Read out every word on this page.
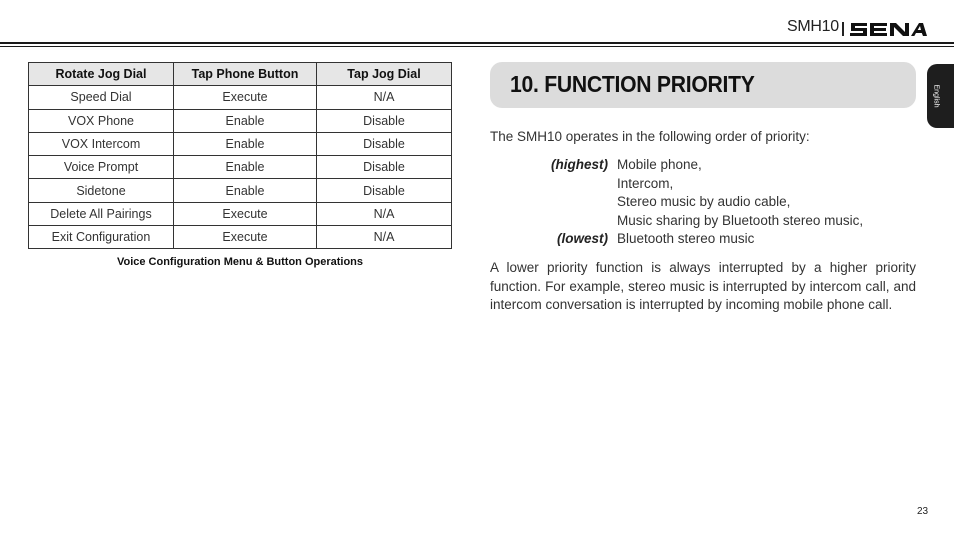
SMH10
Rotate Jog Dial	Tap Phone Button	Tap Jog Dial
Speed Dial	Execute	N/A
VOX Phone	Enable	Disable
VOX Intercom	Enable	Disable
Voice Prompt	Enable	Disable
Sidetone	Enable	Disable
Delete All Pairings	Execute	N/A
Exit Configuration	Execute	N/A
Voice Configuration Menu & Button Operations
10. FUNCTION PRIORITY	English
The SMH10 operates in the following order of priority:
(highest) Mobile phone,
Intercom,
Stereo music by audio cable,
Music sharing by Bluetooth stereo music,
(lowest) Bluetooth stereo music
A lower priority function is always interrupted by a higher priority function. For example, stereo music is interrupted by intercom call, and intercom conversation is interrupted by incoming mobile phone call.
23
